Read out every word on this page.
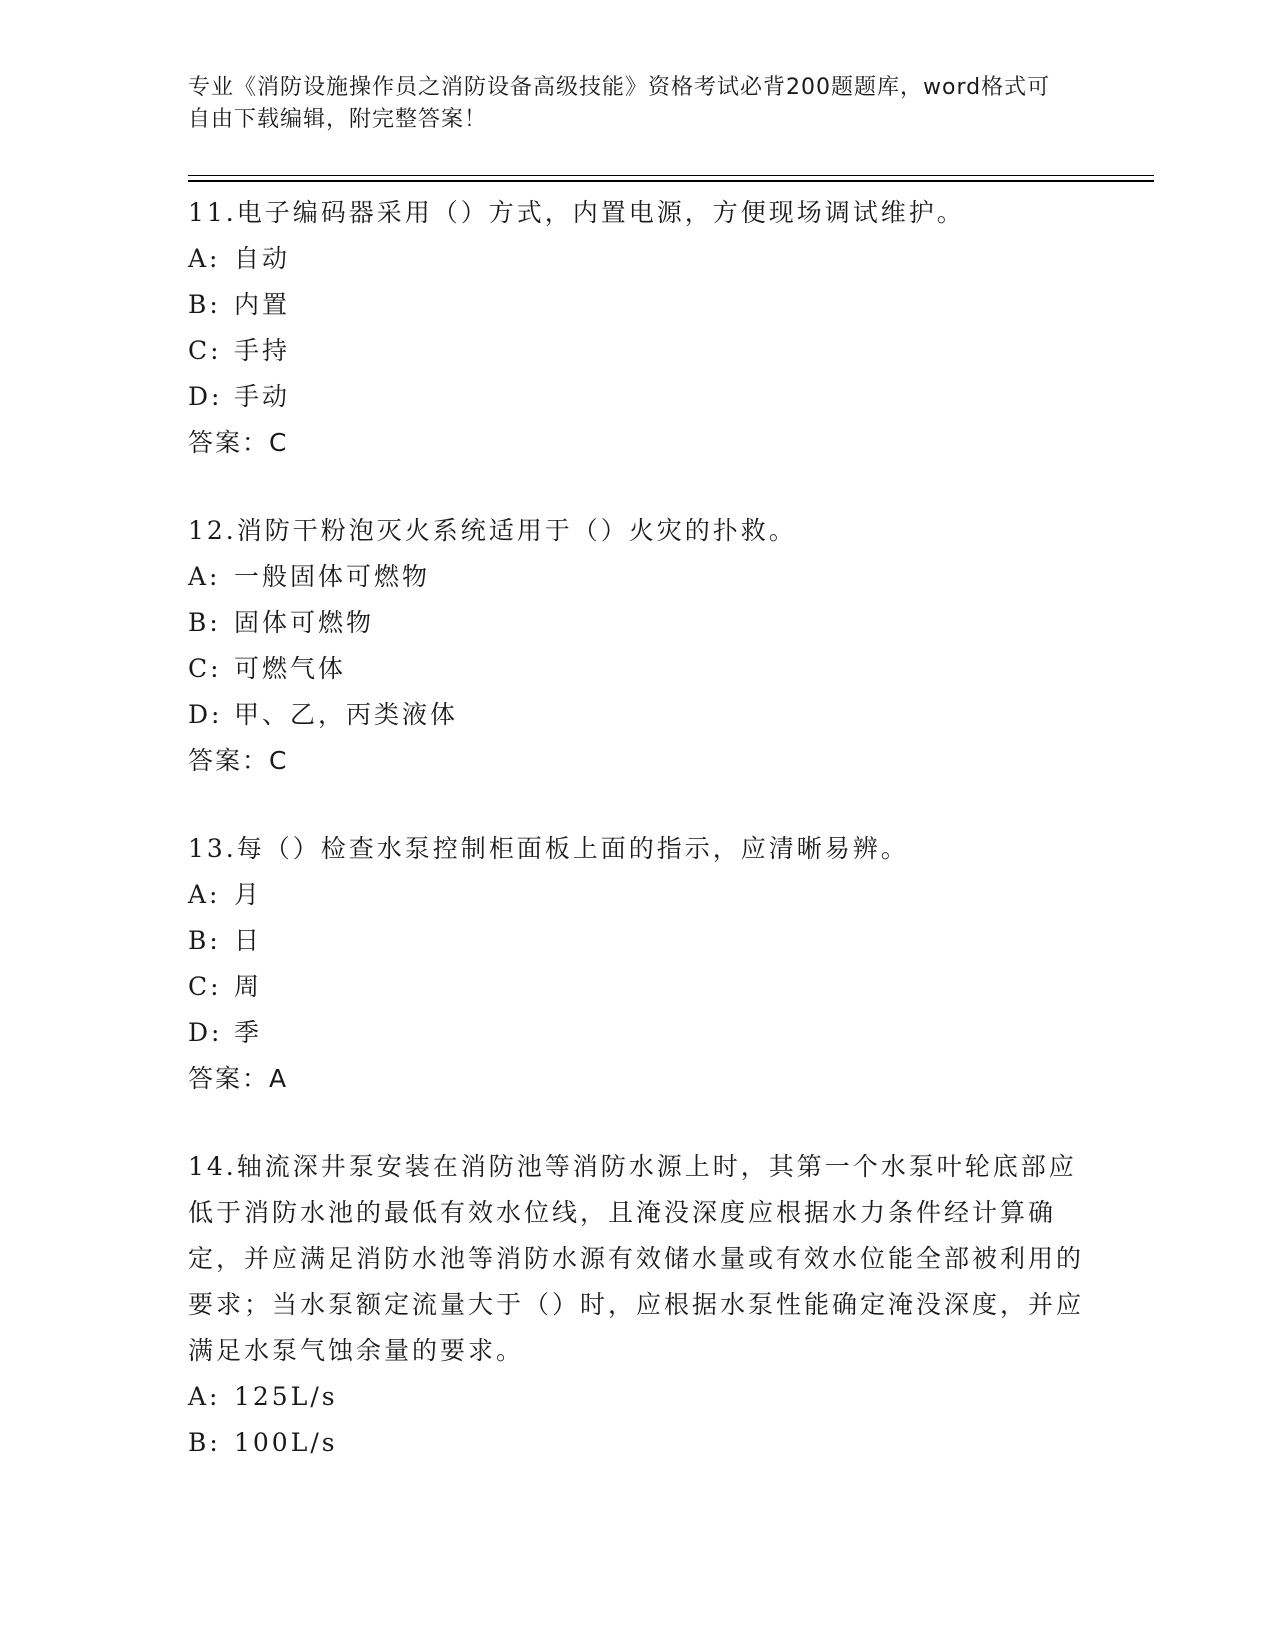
专业《消防设施操作员之消防设备高级技能》资格考试必背200题题库，word格式可自由下载编辑，附完整答案！

11.电子编码器采用（）方式，内置电源，方便现场调试维护。

A: 自动

B: 内置

C: 手持

D: 手动

答案：C

12.消防干粉泡灭火系统适用于（）火灾的扑救。

A: 一般固体可燃物

B: 固体可燃物

C: 可燃气体

D: 甲、乙，丙类液体

答案：C

13.每（）检查水泵控制柜面板上面的指示，应清晰易辨。

A: 月

B: 日

C: 周

D: 季

答案：A

14.轴流深井泵安装在消防池等消防水源上时，其第一个水泵叶轮底部应低于消防水池的最低有效水位线，且淹没深度应根据水力条件经计算确定，并应满足消防水池等消防水源有效储水量或有效水位能全部被利用的要求；当水泵额定流量大于（）时，应根据水泵性能确定淹没深度，并应满足水泵气蚀余量的要求。

A: 125L/s

B: 100L/s
